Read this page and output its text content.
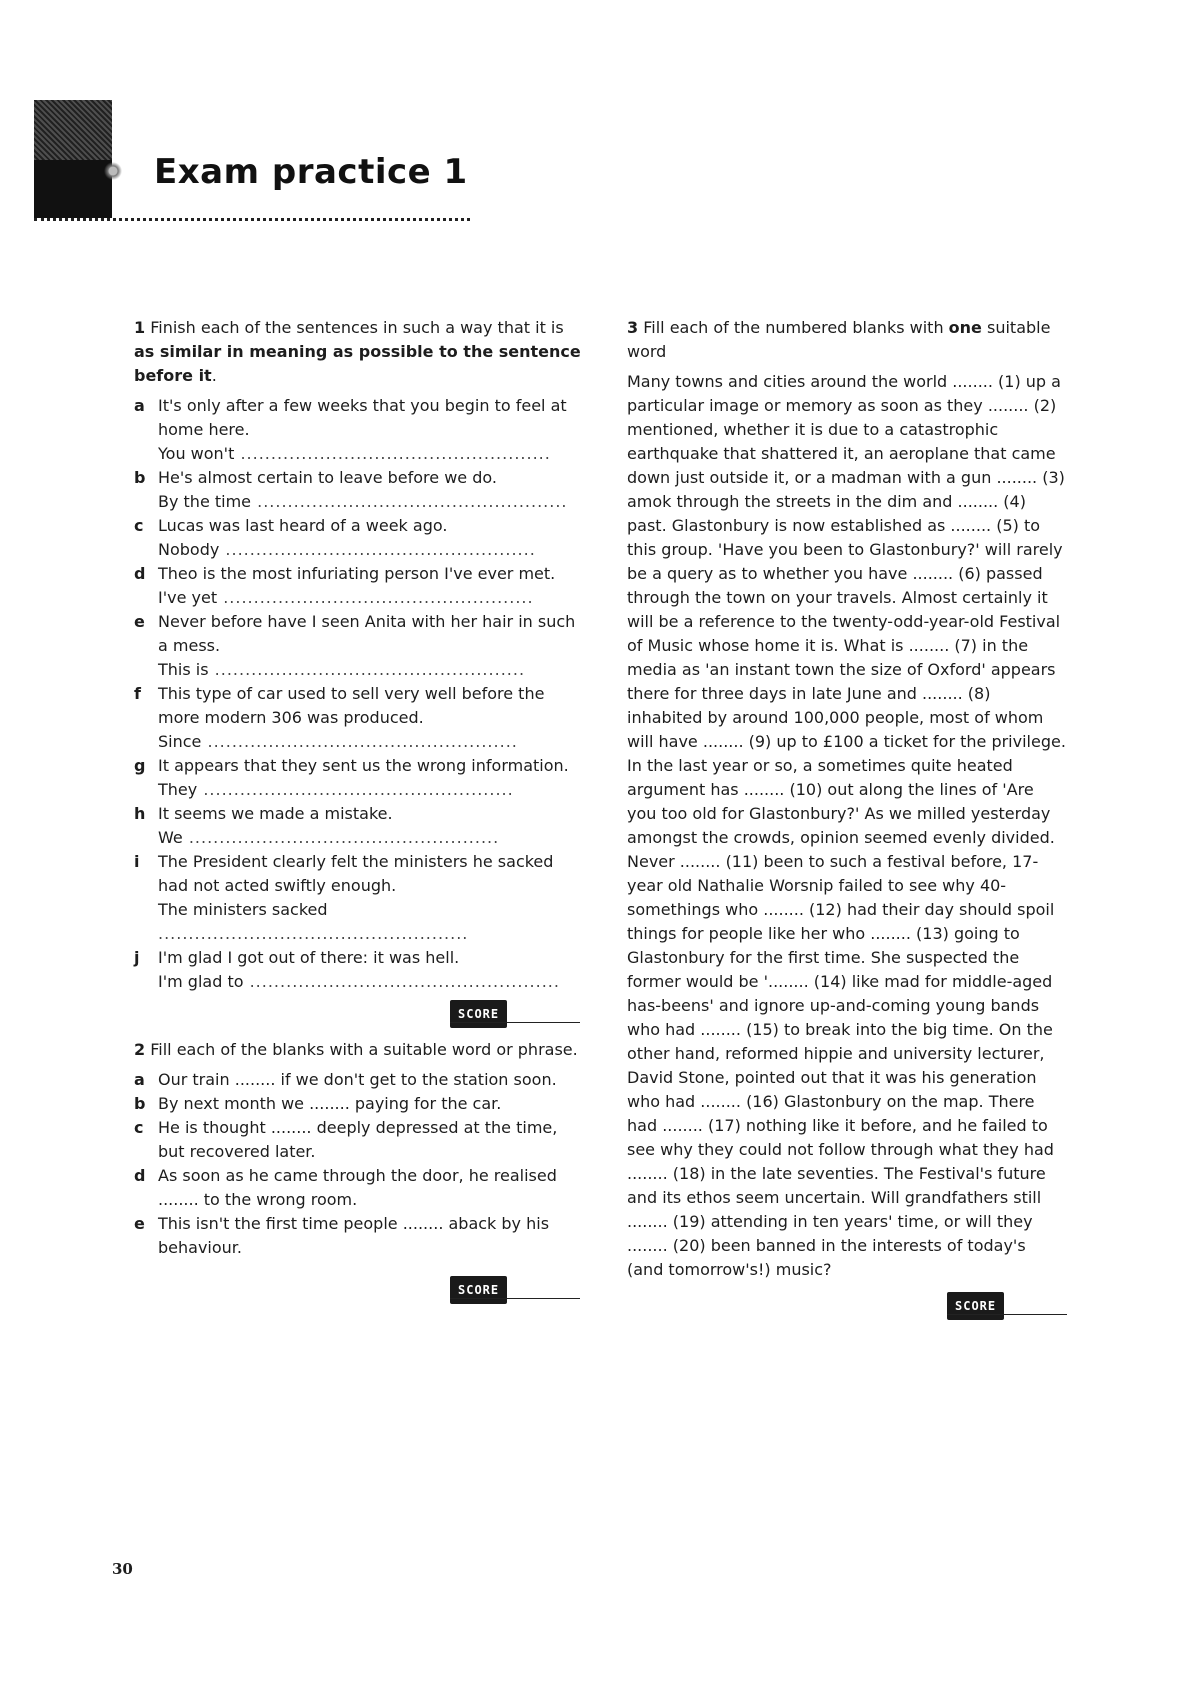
Exam practice 1

1 Finish each of the sentences in such a way that it is as similar in meaning as possible to the sentence before it.

a It's only after a few weeks that you begin to feel at home here.
You won't ...................................................
b He's almost certain to leave before we do.
By the time ...................................................
c Lucas was last heard of a week ago.
Nobody ...................................................
d Theo is the most infuriating person I've ever met.
I've yet ...................................................
e Never before have I seen Anita with her hair in such a mess.
This is ...................................................
f This type of car used to sell very well before the more modern 306 was produced.
Since ...................................................
g It appears that they sent us the wrong information.
They ...................................................
h It seems we made a mistake.
We ...................................................
i The President clearly felt the ministers he sacked had not acted swiftly enough.
The ministers sacked ...................................................
j I'm glad I got out of there: it was hell.
I'm glad to ...................................................
SCORE

2 Fill each of the blanks with a suitable word or phrase.

a Our train ........ if we don't get to the station soon.
b By next month we ........ paying for the car.
c He is thought ........ deeply depressed at the time, but recovered later.
d As soon as he came through the door, he realised ........ to the wrong room.
e This isn't the first time people ........ aback by his behaviour.
SCORE

3 Fill each of the numbered blanks with one suitable word

Many towns and cities around the world ........ (1) up a particular image or memory as soon as they ........ (2) mentioned, whether it is due to a catastrophic earthquake that shattered it, an aeroplane that came down just outside it, or a madman with a gun ........ (3) amok through the streets in the dim and ........ (4) past. Glastonbury is now established as ........ (5) to this group. 'Have you been to Glastonbury?' will rarely be a query as to whether you have ........ (6) passed through the town on your travels. Almost certainly it will be a reference to the twenty-odd-year-old Festival of Music whose home it is. What is ........ (7) in the media as 'an instant town the size of Oxford' appears there for three days in late June and ........ (8) inhabited by around 100,000 people, most of whom will have ........ (9) up to £100 a ticket for the privilege.

In the last year or so, a sometimes quite heated argument has ........ (10) out along the lines of 'Are you too old for Glastonbury?' As we milled yesterday amongst the crowds, opinion seemed evenly divided. Never ........ (11) been to such a festival before, 17-year old Nathalie Worsnip failed to see why 40-somethings who ........ (12) had their day should spoil things for people like her who ........ (13) going to Glastonbury for the first time. She suspected the former would be '........ (14) like mad for middle-aged has-beens' and ignore up-and-coming young bands who had ........ (15) to break into the big time. On the other hand, reformed hippie and university lecturer, David Stone, pointed out that it was his generation who had ........ (16) Glastonbury on the map. There had ........ (17) nothing like it before, and he failed to see why they could not follow through what they had ........ (18) in the late seventies. The Festival's future and its ethos seem uncertain. Will grandfathers still ........ (19) attending in ten years' time, or will they ........ (20) been banned in the interests of today's (and tomorrow's!) music?

SCORE

30
